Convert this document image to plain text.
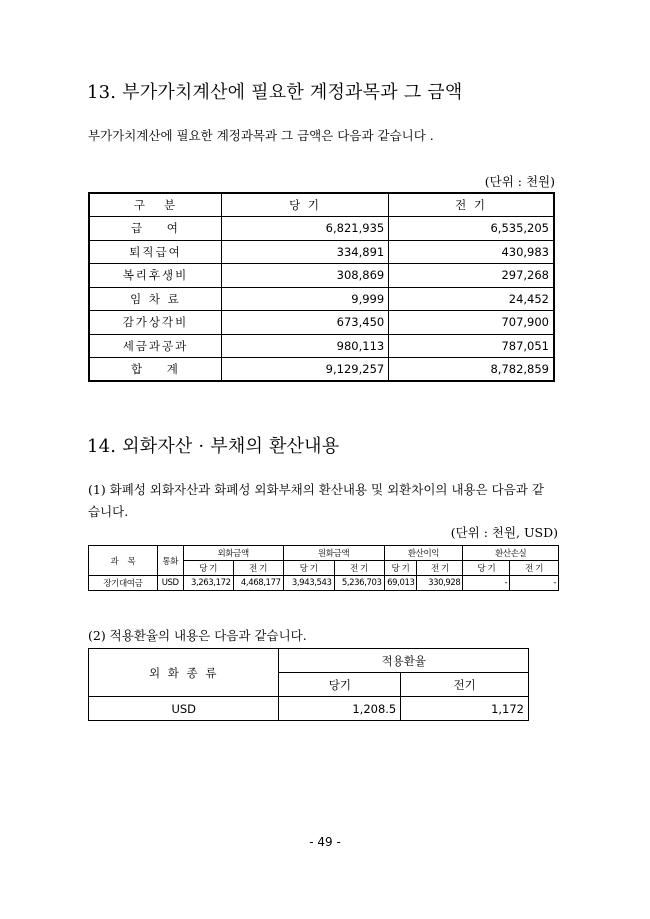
13. 부가가치계산에 필요한 계정과목과 그 금액
부가가치계산에 필요한 계정과목과 그 금액은 다음과 같습니다 .
(단위 : 천원)
구   분	당 기	전 기
급    여	6,821,935	6,535,205
퇴직급여	334,891	430,983
복리후생비	308,869	297,268
임 차 료	9,999	24,452
감가상각비	673,450	707,900
세금과공과	980,113	787,051
합    계	9,129,257	8,782,859
14. 외화자산 · 부채의 환산내용
(1) 화폐성 외화자산과 화폐성 외화부채의 환산내용 및 외환차이의 내용은 다음과 같
습니다.
(단위 : 천원, USD)
과    목	통화	외화금액		원화금액		환산이익		환산손실	
		당 기	전 기	당 기	전 기	당 기	전 기	당 기	전 기
장기대여금	USD	3,263,172	4,468,177	3,943,543	5,236,703	69,013	330,928	-	-
(2) 적용환율의 내용은 다음과 같습니다.
외 화 종 류	적용환율	
	당기	전기
USD	1,208.5	1,172
- 49 -
